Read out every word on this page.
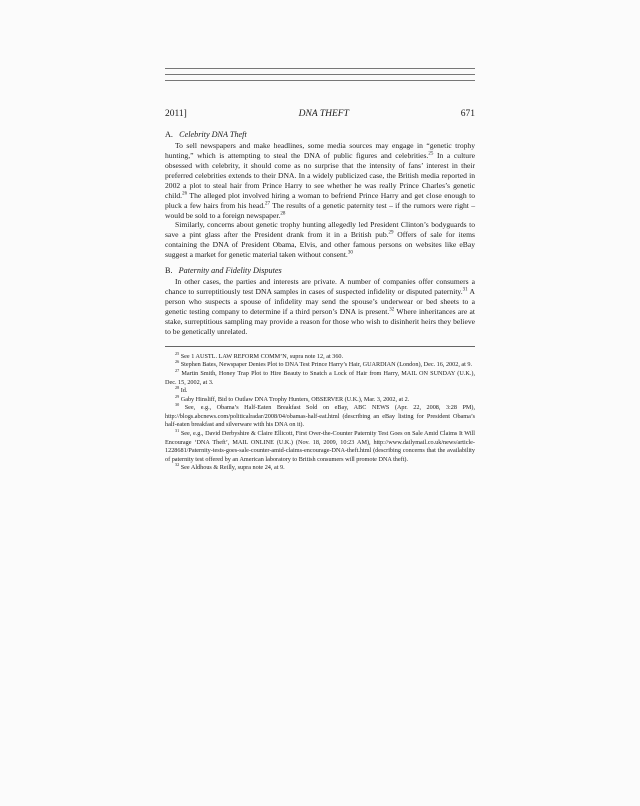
2011]	DNA THEFT	671
A. Celebrity DNA Theft

To sell newspapers and make headlines, some media sources may engage in “genetic trophy hunting,” which is attempting to steal the DNA of public figures and celebrities.$^{25}$ In a culture obsessed with celebrity, it should come as no surprise that the intensity of fans’ interest in their preferred celebrities extends to their DNA. In a widely publicized case, the British media reported in 2002 a plot to steal hair from Prince Harry to see whether he was really Prince Charles’s genetic child.$^{26}$ The alleged plot involved hiring a woman to befriend Prince Harry and get close enough to pluck a few hairs from his head.$^{27}$ The results of a genetic paternity test – if the rumors were right – would be sold to a foreign newspaper.$^{28}$

Similarly, concerns about genetic trophy hunting allegedly led President Clinton’s bodyguards to save a pint glass after the President drank from it in a British pub.$^{29}$ Offers of sale for items containing the DNA of President Obama, Elvis, and other famous persons on websites like eBay suggest a market for genetic material taken without consent.$^{30}$

B. Paternity and Fidelity Disputes

In other cases, the parties and interests are private. A number of companies offer consumers a chance to surreptitiously test DNA samples in cases of suspected infidelity or disputed paternity.$^{31}$ A person who suspects a spouse of infidelity may send the spouse’s underwear or bed sheets to a genetic testing company to determine if a third person’s DNA is present.$^{32}$ Where inheritances are at stake, surreptitious sampling may provide a reason for those who wish to disinherit heirs they believe to be genetically unrelated.

$^{25}$ See 1 AUSTL. LAW REFORM COMM’N, supra note 12, at 360.

$^{26}$ Stephen Bates, Newspaper Denies Plot to DNA Test Prince Harry’s Hair, GUARDIAN (London), Dec. 16, 2002, at 9.

$^{27}$ Martin Smith, Honey Trap Plot to Hire Beauty to Snatch a Lock of Hair from Harry, MAIL ON SUNDAY (U.K.), Dec. 15, 2002, at 3.

$^{28}$ Id.

$^{29}$ Gaby Hinsliff, Bid to Outlaw DNA Trophy Hunters, OBSERVER (U.K.), Mar. 3, 2002, at 2.

$^{30}$ See, e.g., Obama’s Half-Eaten Breakfast Sold on eBay, ABC NEWS (Apr. 22, 2008, 3:28 PM), http://blogs.abcnews.com/politicalradar/2008/04/obamas-half-eat.html (describing an eBay listing for President Obama’s half-eaten breakfast and silverware with his DNA on it).

$^{31}$ See, e.g., David Derbyshire & Claire Ellicott, First Over-the-Counter Paternity Test Goes on Sale Amid Claims It Will Encourage ‘DNA Theft’, MAIL ONLINE (U.K.) (Nov. 18, 2009, 10:23 AM), http://www.dailymail.co.uk/news/article-1228681/Paternity-tests-goes-sale-counter-amid-claims-encourage-DNA-theft.html (describing concerns that the availability of paternity test offered by an American laboratory to British consumers will promote DNA theft).

$^{32}$ See Aldhous & Reilly, supra note 24, at 9.
